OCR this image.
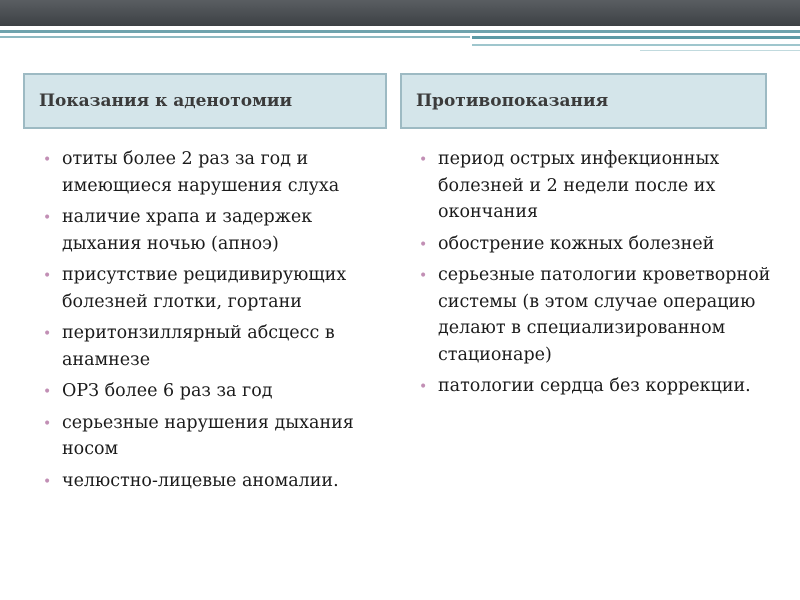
Показания к аденотомии	Противопоказания
• отиты более 2 раз за год и имеющиеся нарушения слуха
• наличие храпа и задержек дыхания ночью (апноэ)
• присутствие рецидивирующих болезней глотки, гортани
• перитонзиллярный абсцесс в анамнезе
• ОРЗ более 6 раз за год
• серьезные нарушения дыхания носом
• челюстно-лицевые аномалии.
• период острых инфекционных болезней и 2 недели после их окончания
• обострение кожных болезней
• серьезные патологии кроветворной системы (в этом случае операцию делают в специализированном стационаре)
• патологии сердца без коррекции.
